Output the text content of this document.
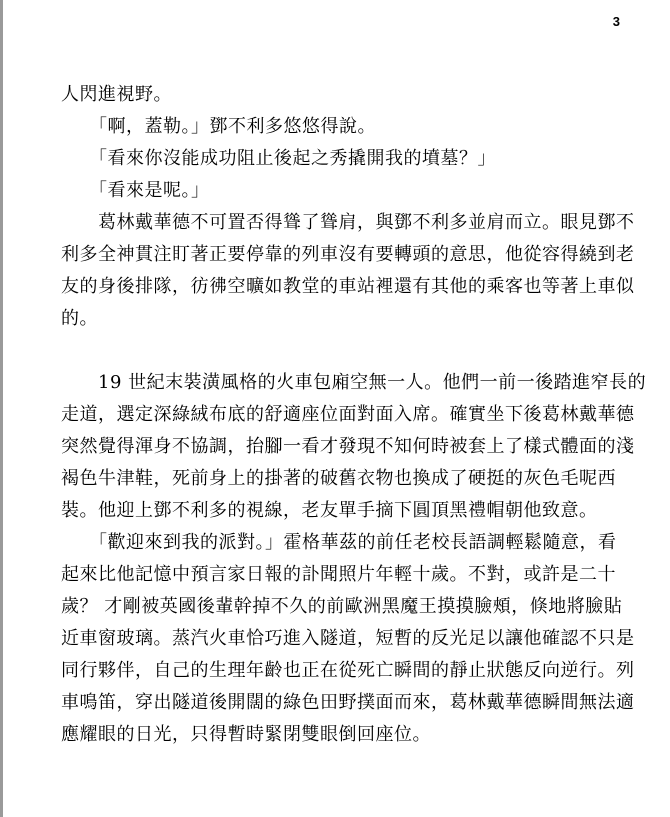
3
人閃進視野。
　　「啊，蓋勒。」鄧不利多悠悠得說。
　　「看來你沒能成功阻止後起之秀撬開我的墳墓？」
　　「看來是呢。」
　　葛林戴華德不可置否得聳了聳肩，與鄧不利多並肩而立。眼見鄧不
利多全神貫注盯著正要停靠的列車沒有要轉頭的意思，他從容得繞到老
友的身後排隊，彷彿空曠如教堂的車站裡還有其他的乘客也等著上車似
的。
　　19 世紀末裝潢風格的火車包廂空無一人。他們一前一後踏進窄長的
走道，選定深綠絨布底的舒適座位面對面入席。確實坐下後葛林戴華德
突然覺得渾身不協調，抬腳一看才發現不知何時被套上了樣式體面的淺
褐色牛津鞋，死前身上的掛著的破舊衣物也換成了硬挺的灰色毛呢西
裝。他迎上鄧不利多的視線，老友單手摘下圓頂黑禮帽朝他致意。
　　「歡迎來到我的派對。」霍格華茲的前任老校長語調輕鬆隨意，看
起來比他記憶中預言家日報的訃聞照片年輕十歲。不對，或許是二十
歲？ 才剛被英國後輩幹掉不久的前歐洲黑魔王摸摸臉頰，倏地將臉貼
近車窗玻璃。蒸汽火車恰巧進入隧道，短暫的反光足以讓他確認不只是
同行夥伴，自己的生理年齡也正在從死亡瞬間的靜止狀態反向逆行。列
車鳴笛，穿出隧道後開闊的綠色田野撲面而來，葛林戴華德瞬間無法適
應耀眼的日光，只得暫時緊閉雙眼倒回座位。
